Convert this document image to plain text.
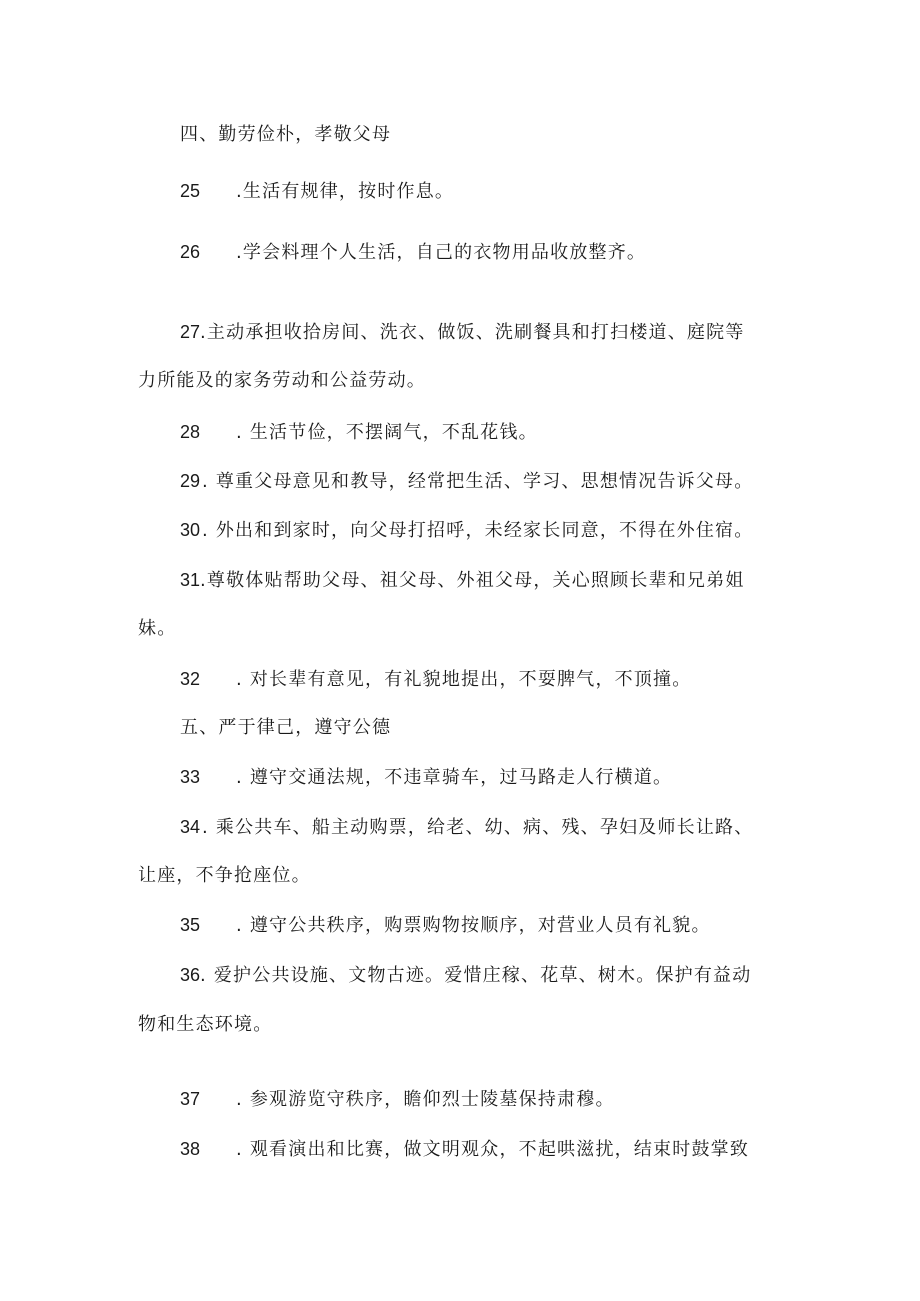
四、勤劳俭朴，孝敬父母
25 .生活有规律，按时作息。
26 .学会料理个人生活，自己的衣物用品收放整齐。
27.主动承担收拾房间、洗衣、做饭、洗刷餐具和打扫楼道、庭院等
力所能及的家务劳动和公益劳动。
28 . 生活节俭，不摆阔气，不乱花钱。
29 . 尊重父母意见和教导，经常把生活、学习、思想情况告诉父母。
30 . 外出和到家时，向父母打招呼，未经家长同意，不得在外住宿。
31.尊敬体贴帮助父母、祖父母、外祖父母，关心照顾长辈和兄弟姐
妹。
32 . 对长辈有意见，有礼貌地提出，不耍脾气，不顶撞。
五、严于律己，遵守公德
33 . 遵守交通法规，不违章骑车，过马路走人行横道。
34 . 乘公共车、船主动购票，给老、幼、病、残、孕妇及师长让路、
让座，不争抢座位。
35 . 遵守公共秩序，购票购物按顺序，对营业人员有礼貌。
36. 爱护公共设施、文物古迹。爱惜庄稼、花草、树木。保护有益动
物和生态环境。
37 . 参观游览守秩序，瞻仰烈士陵墓保持肃穆。
38 . 观看演出和比赛，做文明观众，不起哄滋扰，结束时鼓掌致
